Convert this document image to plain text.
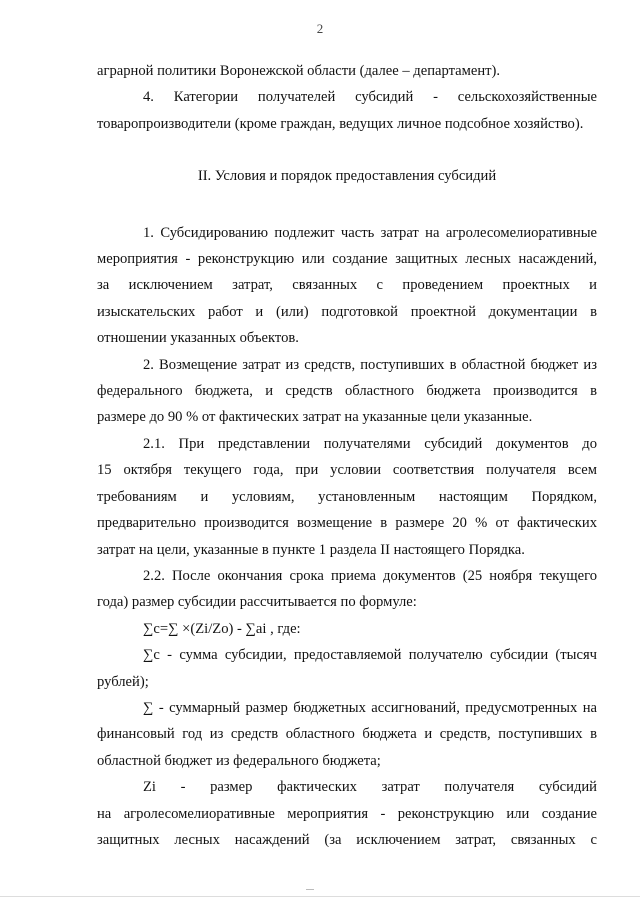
2

аграрной политики Воронежской области (далее – департамент).

4. Категории получателей субсидий - сельскохозяйственные

товаропроизводители (кроме граждан, ведущих личное подсобное хозяйство).

II. Условия и порядок предоставления субсидий

1. Субсидированию подлежит часть затрат на агролесомелиоративные

мероприятия - реконструкцию или создание защитных лесных насаждений,

за исключением затрат, связанных с проведением проектных и

изыскательских работ и (или) подготовкой проектной документации в

отношении указанных объектов.

2. Возмещение затрат из средств, поступивших в областной бюджет из

федерального бюджета, и средств областного бюджета производится в

размере до 90 % от фактических затрат на указанные цели указанные.

2.1. При представлении получателями субсидий документов до

15 октября текущего года, при условии соответствия получателя всем

требованиям и условиям, установленным настоящим Порядком,

предварительно производится возмещение в размере 20 % от фактических

затрат на цели, указанные в пункте 1 раздела II настоящего Порядка.

2.2. После окончания срока приема документов (25 ноября текущего

года) размер субсидии рассчитывается по формуле:

∑c=∑ ×(Zi/Zo) - ∑ai , где:

∑c - сумма субсидии, предоставляемой получателю субсидии (тысяч

рублей);

∑ - суммарный размер бюджетных ассигнований, предусмотренных на

финансовый год из средств областного бюджета и средств, поступивших в

областной бюджет из федерального бюджета;

Zi - размер фактических затрат получателя субсидий

на агролесомелиоративные мероприятия - реконструкцию или создание

защитных лесных насаждений (за исключением затрат, связанных с
